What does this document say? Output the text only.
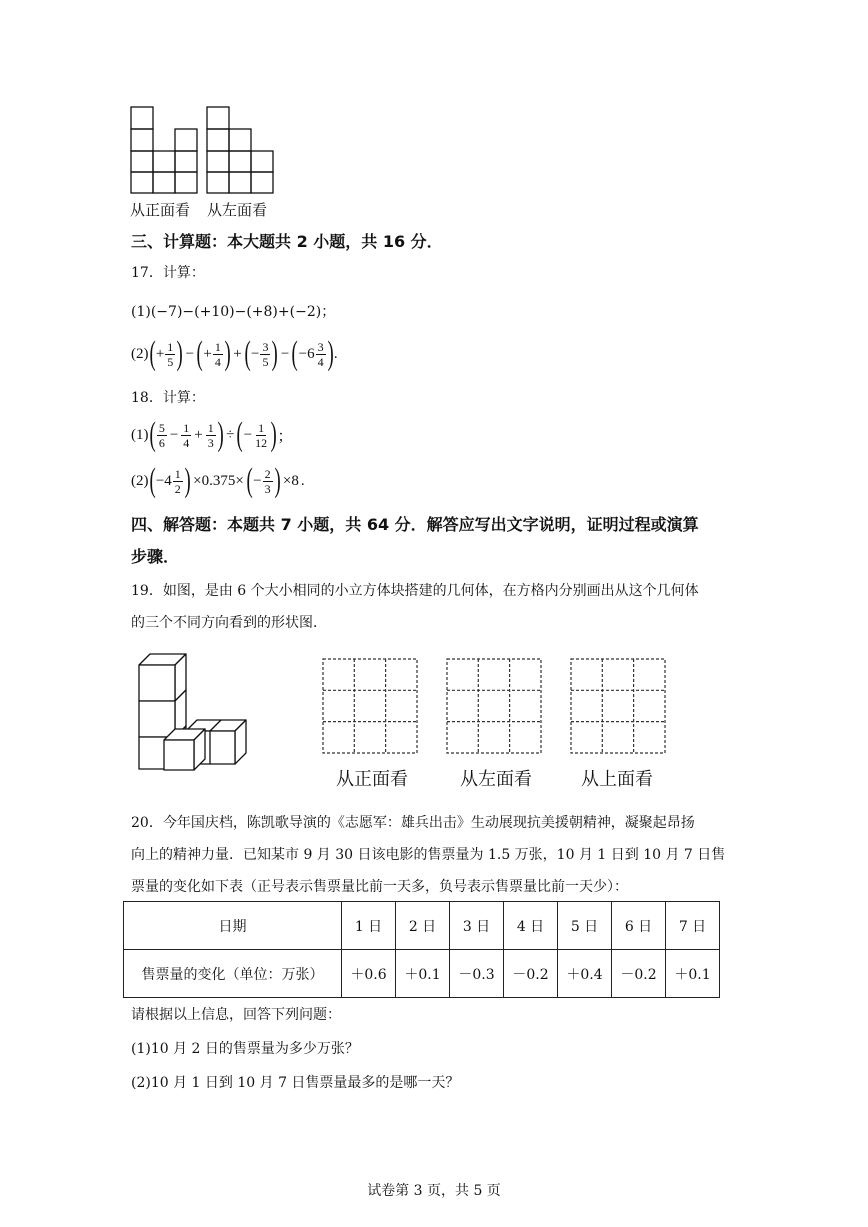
从正面看 从左面看
三、计算题：本大题共 2 小题，共 16 分．
17．计算：
(1)(−7)−(+10)−(+8)+(−2)；
(2) ( + $\frac{1}{5}$ ) − ( + $\frac{1}{4}$ ) + ( − $\frac{3}{5}$ ) − ( $-6 \frac{3}{4}$ ) .
18．计算：
(1) ( $\frac{5}{6} - \frac{1}{4} + \frac{1}{3}$ ) ÷ ( − $\frac{1}{12}$ ) ；
(2) ( $-4 \frac{1}{2}$ ) ×0.375× ( − $\frac{2}{3}$ ) ×8 .
四、解答题：本题共 7 小题，共 64 分．解答应写出文字说明，证明过程或演算
步骤．
19．如图，是由 6 个大小相同的小立方体块搭建的几何体，在方格内分别画出从这个几何体
的三个不同方向看到的形状图．
从正面看	从左面看	从上面看
20．今年国庆档，陈凯歌导演的《志愿军：雄兵出击》生动展现抗美援朝精神，凝聚起昂扬
向上的精神力量．已知某市 9 月 30 日该电影的售票量为 1.5 万张，10 月 1 日到 10 月 7 日售
票量的变化如下表（正号表示售票量比前一天多，负号表示售票量比前一天少）：
日期	1 日	2 日	3 日	4 日	5 日	6 日	7 日
售票量的变化（单位：万张）	＋0.6	＋0.1	－0.3	－0.2	＋0.4	－0.2	＋0.1
请根据以上信息，回答下列问题：
(1)10 月 2 日的售票量为多少万张？
(2)10 月 1 日到 10 月 7 日售票量最多的是哪一天？
试卷第 3 页，共 5 页
